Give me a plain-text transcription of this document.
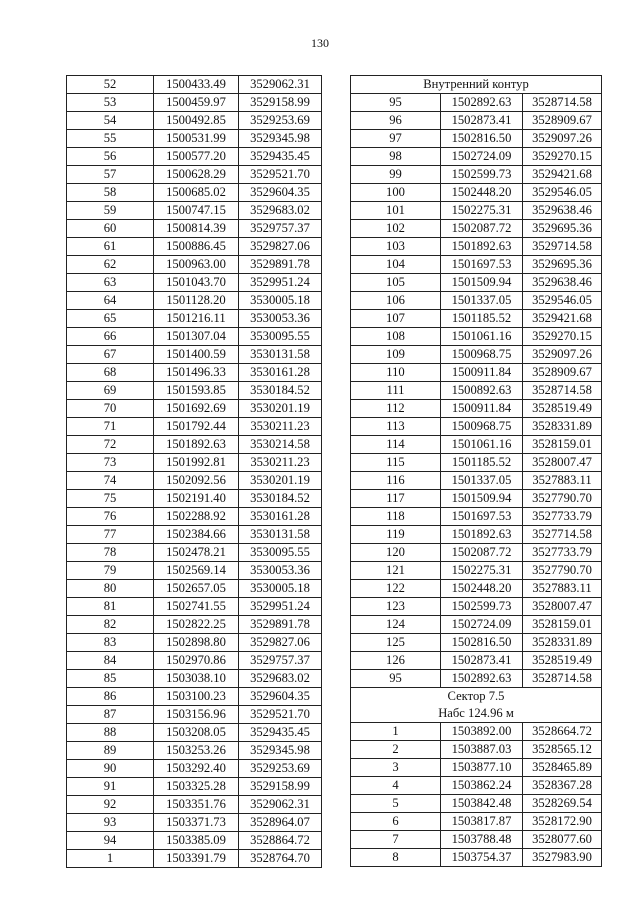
130
52	1500433.49	3529062.31
53	1500459.97	3529158.99
54	1500492.85	3529253.69
55	1500531.99	3529345.98
56	1500577.20	3529435.45
57	1500628.29	3529521.70
58	1500685.02	3529604.35
59	1500747.15	3529683.02
60	1500814.39	3529757.37
61	1500886.45	3529827.06
62	1500963.00	3529891.78
63	1501043.70	3529951.24
64	1501128.20	3530005.18
65	1501216.11	3530053.36
66	1501307.04	3530095.55
67	1501400.59	3530131.58
68	1501496.33	3530161.28
69	1501593.85	3530184.52
70	1501692.69	3530201.19
71	1501792.44	3530211.23
72	1501892.63	3530214.58
73	1501992.81	3530211.23
74	1502092.56	3530201.19
75	1502191.40	3530184.52
76	1502288.92	3530161.28
77	1502384.66	3530131.58
78	1502478.21	3530095.55
79	1502569.14	3530053.36
80	1502657.05	3530005.18
81	1502741.55	3529951.24
82	1502822.25	3529891.78
83	1502898.80	3529827.06
84	1502970.86	3529757.37
85	1503038.10	3529683.02
86	1503100.23	3529604.35
87	1503156.96	3529521.70
88	1503208.05	3529435.45
89	1503253.26	3529345.98
90	1503292.40	3529253.69
91	1503325.28	3529158.99
92	1503351.76	3529062.31
93	1503371.73	3528964.07
94	1503385.09	3528864.72
1	1503391.79	3528764.70
Внутренний контур		
95	1502892.63	3528714.58
96	1502873.41	3528909.67
97	1502816.50	3529097.26
98	1502724.09	3529270.15
99	1502599.73	3529421.68
100	1502448.20	3529546.05
101	1502275.31	3529638.46
102	1502087.72	3529695.36
103	1501892.63	3529714.58
104	1501697.53	3529695.36
105	1501509.94	3529638.46
106	1501337.05	3529546.05
107	1501185.52	3529421.68
108	1501061.16	3529270.15
109	1500968.75	3529097.26
110	1500911.84	3528909.67
111	1500892.63	3528714.58
112	1500911.84	3528519.49
113	1500968.75	3528331.89
114	1501061.16	3528159.01
115	1501185.52	3528007.47
116	1501337.05	3527883.11
117	1501509.94	3527790.70
118	1501697.53	3527733.79
119	1501892.63	3527714.58
120	1502087.72	3527733.79
121	1502275.31	3527790.70
122	1502448.20	3527883.11
123	1502599.73	3528007.47
124	1502724.09	3528159.01
125	1502816.50	3528331.89
126	1502873.41	3528519.49
95	1502892.63	3528714.58

Сектор 7.5
Набс 124.96 м		

1	1503892.00	3528664.72
2	1503887.03	3528565.12
3	1503877.10	3528465.89
4	1503862.24	3528367.28
5	1503842.48	3528269.54
6	1503817.87	3528172.90
7	1503788.48	3528077.60
8	1503754.37	3527983.90
